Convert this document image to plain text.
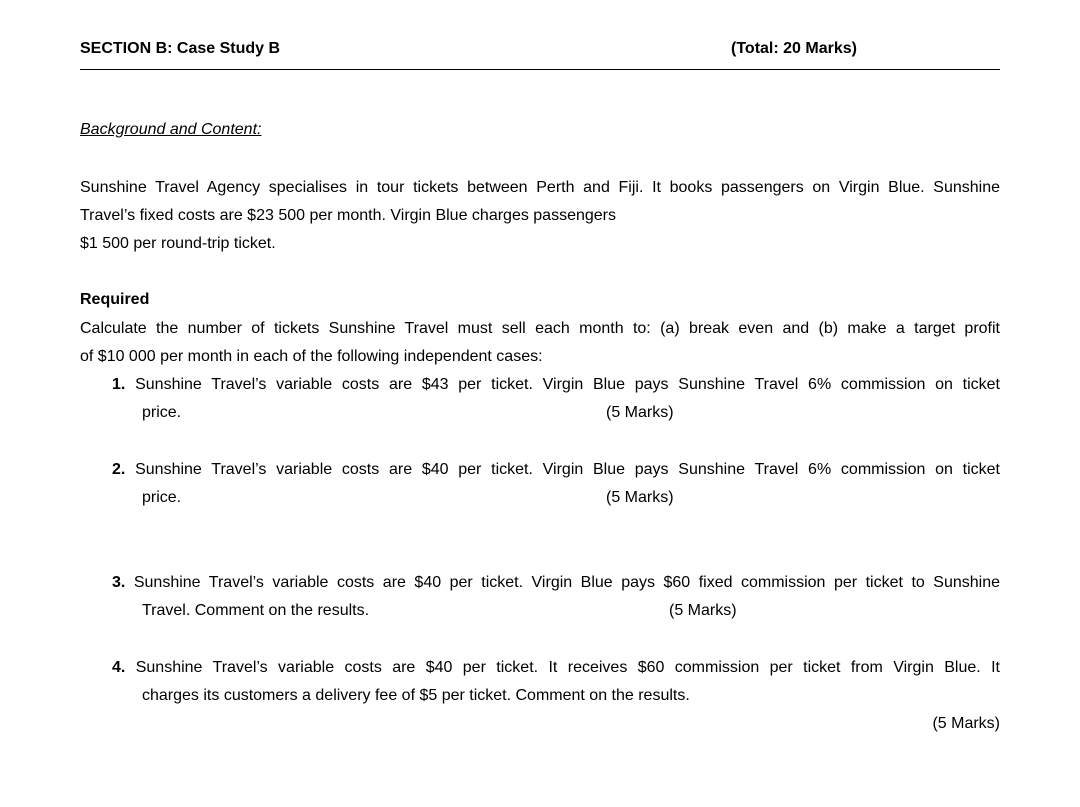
SECTION B: Case Study B	(Total: 20 Marks)
Background and Content:
Sunshine Travel Agency specialises in tour tickets between Perth and Fiji. It books passengers on Virgin Blue. Sunshine
Travel’s fixed costs are $23 500 per month. Virgin Blue charges passengers
$1 500 per round-trip ticket.
Required
Calculate the number of tickets Sunshine Travel must sell each month to: (a) break even and (b) make a target profit
of $10 000 per month in each of the following independent cases:
1. Sunshine Travel’s variable costs are $43 per ticket. Virgin Blue pays Sunshine Travel 6% commission on ticket
price.	(5 Marks)
2. Sunshine Travel’s variable costs are $40 per ticket. Virgin Blue pays Sunshine Travel 6% commission on ticket
price.	(5 Marks)
3. Sunshine Travel’s variable costs are $40 per ticket. Virgin Blue pays $60 fixed commission per ticket to Sunshine
Travel. Comment on the results.	(5 Marks)
4. Sunshine Travel’s variable costs are $40 per ticket. It receives $60 commission per ticket from Virgin Blue. It
charges its customers a delivery fee of $5 per ticket. Comment on the results.
(5 Marks)
